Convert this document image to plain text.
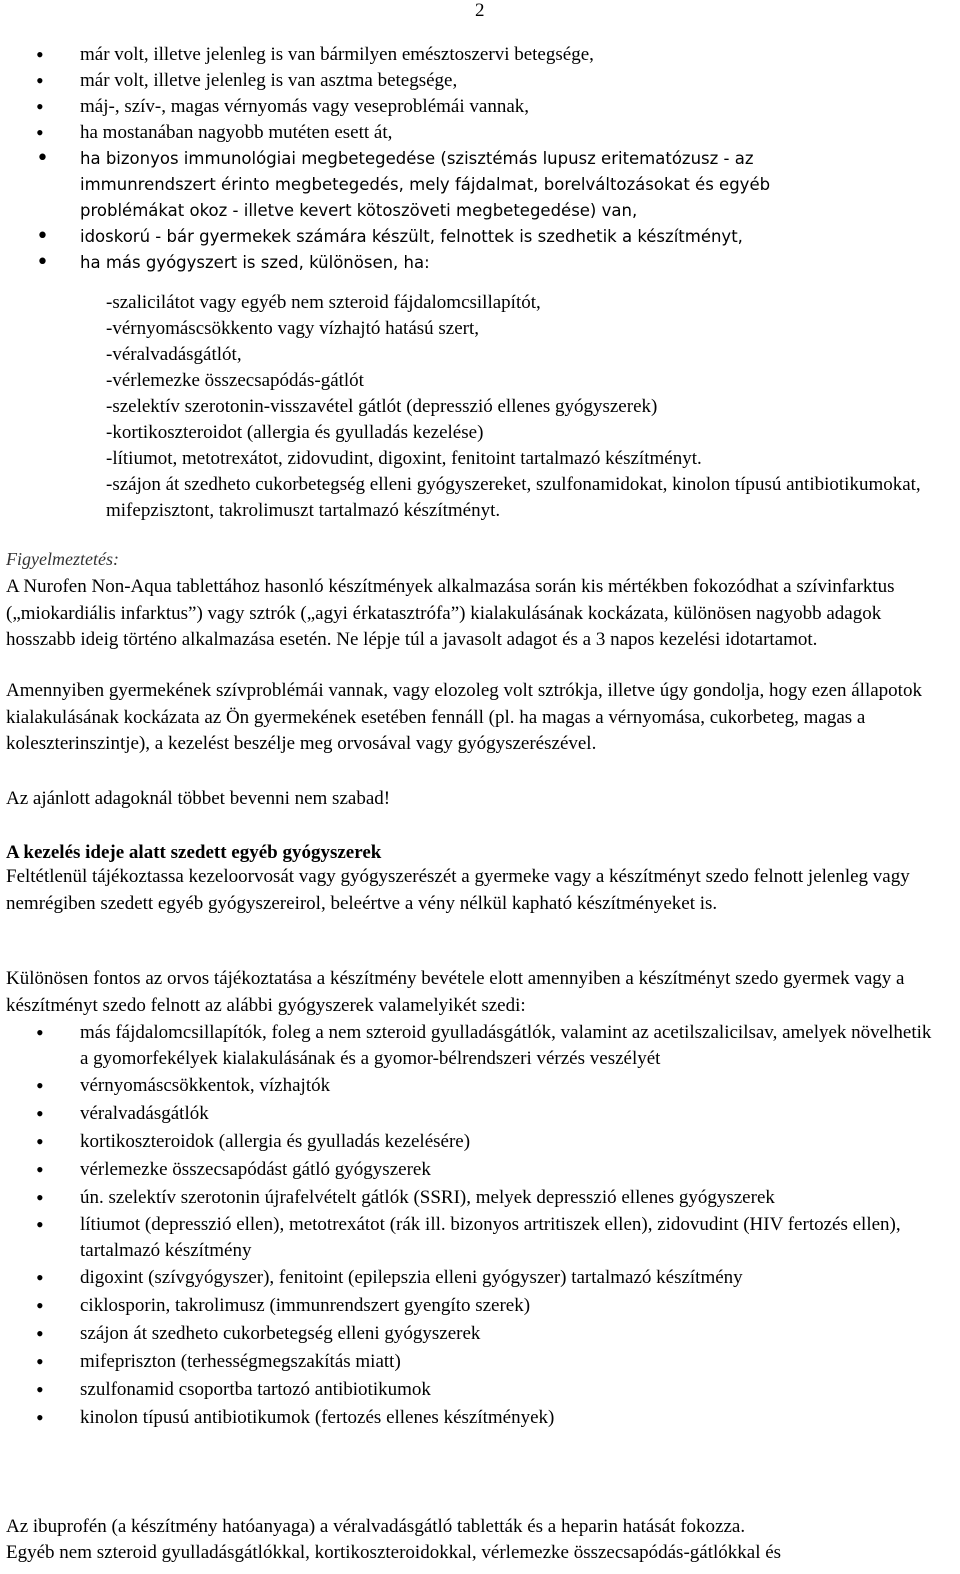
2
• már volt, illetve jelenleg is van bármilyen emésztoszervi betegsége,
• már volt, illetve jelenleg is van asztma betegsége,
• máj-, szív-, magas vérnyomás vagy veseproblémái vannak,
• ha mostanában nagyobb mutéten esett át,
• ha bizonyos immunológiai megbetegedése (szisztémás lupusz eritematózusz - az immunrendszert érinto megbetegedés, mely fájdalmat, borelváltozásokat és egyéb problémákat okoz - illetve kevert kötoszöveti megbetegedése) van,
• idoskorú - bár gyermekek számára készült, felnottek is szedhetik a készítményt,
• ha más gyógyszert is szed, különösen, ha:
-szalicilátot vagy egyéb nem szteroid fájdalomcsillapítót,
-vérnyomáscsökkento vagy vízhajtó hatású szert,
-véralvadásgátlót,
-vérlemezke összecsapódás-gátlót
-szelektív szerotonin-visszavétel gátlót (depresszió ellenes gyógyszerek)
-kortikoszteroidot (allergia és gyulladás kezelése)
-lítiumot, metotrexátot, zidovudint, digoxint, fenitoint tartalmazó készítményt.
-szájon át szedheto cukorbetegség elleni gyógyszereket, szulfonamidokat, kinolon típusú antibiotikumokat, mifepzisztont, takrolimuszt tartalmazó készítményt.
Figyelmeztetés:
A Nurofen Non-Aqua tablettához hasonló készítmények alkalmazása során kis mértékben fokozódhat a szívinfarktus („miokardiális infarktus”) vagy sztrók („agyi érkatasztrófa”) kialakulásának kockázata, különösen nagyobb adagok hosszabb ideig történo alkalmazása esetén. Ne lépje túl a javasolt adagot és a 3 napos kezelési idotartamot.
Amennyiben gyermekének szívproblémái vannak, vagy elozoleg volt sztrókja, illetve úgy gondolja, hogy ezen állapotok kialakulásának kockázata az Ön gyermekének esetében fennáll (pl. ha magas a vérnyomása, cukorbeteg, magas a koleszterinszintje), a kezelést beszélje meg orvosával vagy gyógyszerészével.
Az ajánlott adagoknál többet bevenni nem szabad!
A kezelés ideje alatt szedett egyéb gyógyszerek
Feltétlenül tájékoztassa kezeloorvosát vagy gyógyszerészét a gyermeke vagy a készítményt szedo felnott jelenleg vagy nemrégiben szedett egyéb gyógyszereirol, beleértve a vény nélkül kapható készítményeket is.
Különösen fontos az orvos tájékoztatása a készítmény bevétele elott amennyiben a készítményt szedo gyermek vagy a készítményt szedo felnott az alábbi gyógyszerek valamelyikét szedi:
• más fájdalomcsillapítók, foleg a nem szteroid gyulladásgátlók, valamint az acetilszalicilsav, amelyek növelhetik a gyomorfekélyek kialakulásának és a gyomor-bélrendszeri vérzés veszélyét
• vérnyomáscsökkentok, vízhajtók
• véralvadásgátlók
• kortikoszteroidok (allergia és gyulladás kezelésére)
• vérlemezke összecsapódást gátló gyógyszerek
• ún. szelektív szerotonin újrafelvételt gátlók (SSRI), melyek depresszió ellenes gyógyszerek
• lítiumot (depresszió ellen), metotrexátot (rák ill. bizonyos artritiszek ellen), zidovudint (HIV fertozés ellen), tartalmazó készítmény
• digoxint (szívgyógyszer), fenitoint (epilepszia elleni gyógyszer) tartalmazó készítmény
• ciklosporin, takrolimusz (immunrendszert gyengíto szerek)
• szájon át szedheto cukorbetegség elleni gyógyszerek
• mifepriszton (terhességmegszakítás miatt)
• szulfonamid csoportba tartozó antibiotikumok
• kinolon típusú antibiotikumok (fertozés ellenes készítmények)
Az ibuprofén (a készítmény hatóanyaga) a véralvadásgátló tabletták és a heparin hatását fokozza.
Egyéb nem szteroid gyulladásgátlókkal, kortikoszteroidokkal, vérlemezke összecsapódás-gátlókkal és
